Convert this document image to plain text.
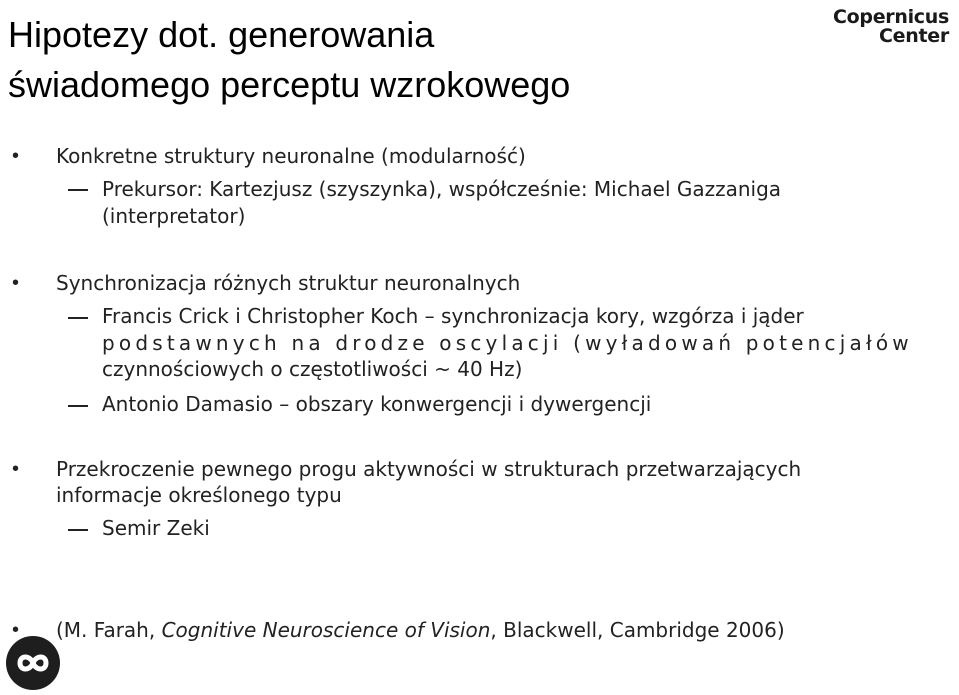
Hipotezy dot. generowania
świadomego perceptu wzrokowego
Copernicus
Center
• Konkretne struktury neuronalne (modularność)
Prekursor: Kartezjusz (szyszynka), współcześnie: Michael Gazzaniga
(interpretator)
• Synchronizacja różnych struktur neuronalnych
Francis Crick i Christopher Koch – synchronizacja kory, wzgórza i jąder
podstawnych na drodze oscylacji (wyładowań potencjałów
czynnościowych o częstotliwości ~ 40 Hz)
Antonio Damasio – obszary konwergencji i dywergencji
• Przekroczenie pewnego progu aktywności w strukturach przetwarzających
informacje określonego typu
Semir Zeki
• (M. Farah, Cognitive Neuroscience of Vision, Blackwell, Cambridge 2006)
